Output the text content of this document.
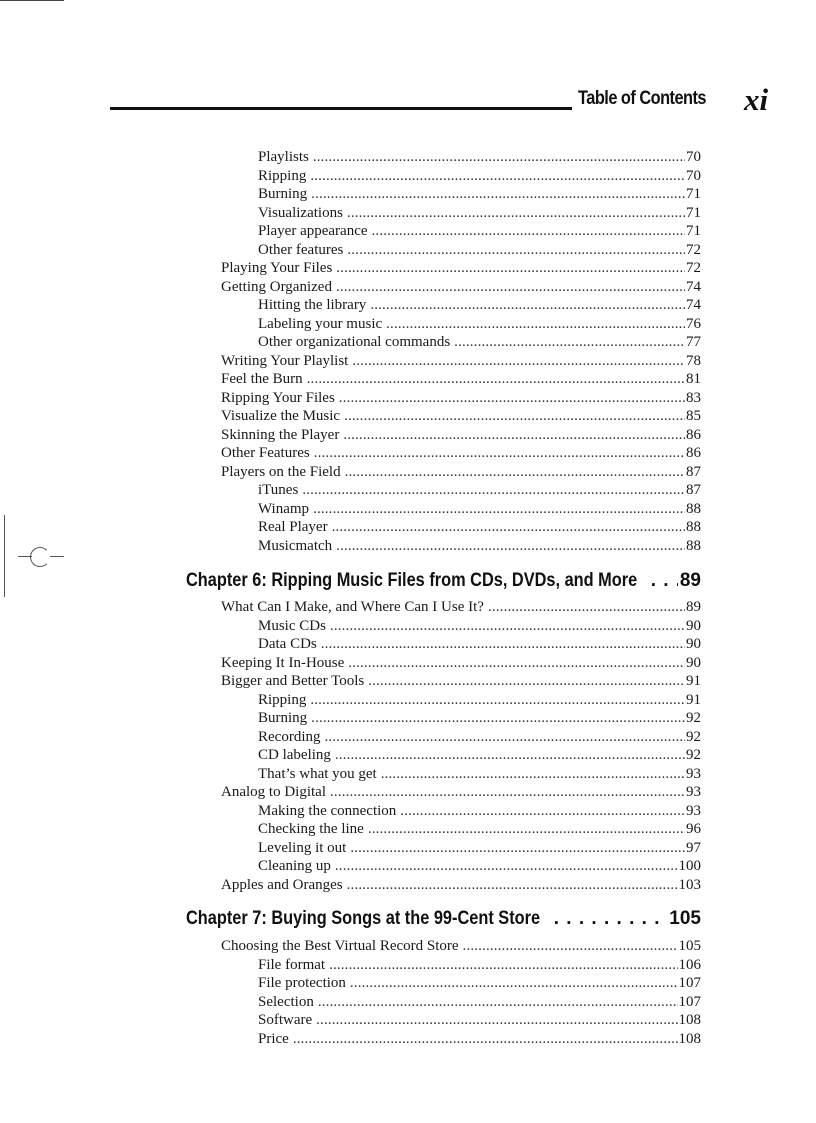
Table of Contents xi
Playlists . . .	70
Ripping . . .	70
Burning . . .	71
Visualizations . . .	71
Player appearance . . .	71
Other features . . .	72
Playing Your Files . . .	72
Getting Organized . . .	74
Hitting the library . . .	74
Labeling your music . . .	76
Other organizational commands . . .	77
Writing Your Playlist . . .	78
Feel the Burn . . .	81
Ripping Your Files . . .	83
Visualize the Music . . .	85
Skinning the Player . . .	86
Other Features . . .	86
Players on the Field . . .	87
iTunes . . .	87
Winamp . . .	88
Real Player . . .	88
Musicmatch . . .	88
Chapter 6: Ripping Music Files from CDs, DVDs, and More . . . 89
What Can I Make, and Where Can I Use It? . . .	89
Music CDs . . .	90
Data CDs . . .	90
Keeping It In-House . . .	90
Bigger and Better Tools . . .	91
Ripping . . .	91
Burning . . .	92
Recording . . .	92
CD labeling . . .	92
That’s what you get . . .	93
Analog to Digital . . .	93
Making the connection . . .	93
Checking the line . . .	96
Leveling it out . . .	97
Cleaning up . . .	100
Apples and Oranges . . .	103
Chapter 7: Buying Songs at the 99-Cent Store . . .	105
Choosing the Best Virtual Record Store . . .	105
File format . . .	106
File protection . . .	107
Selection . . .	107
Software . . .	108
Price . . .	108
